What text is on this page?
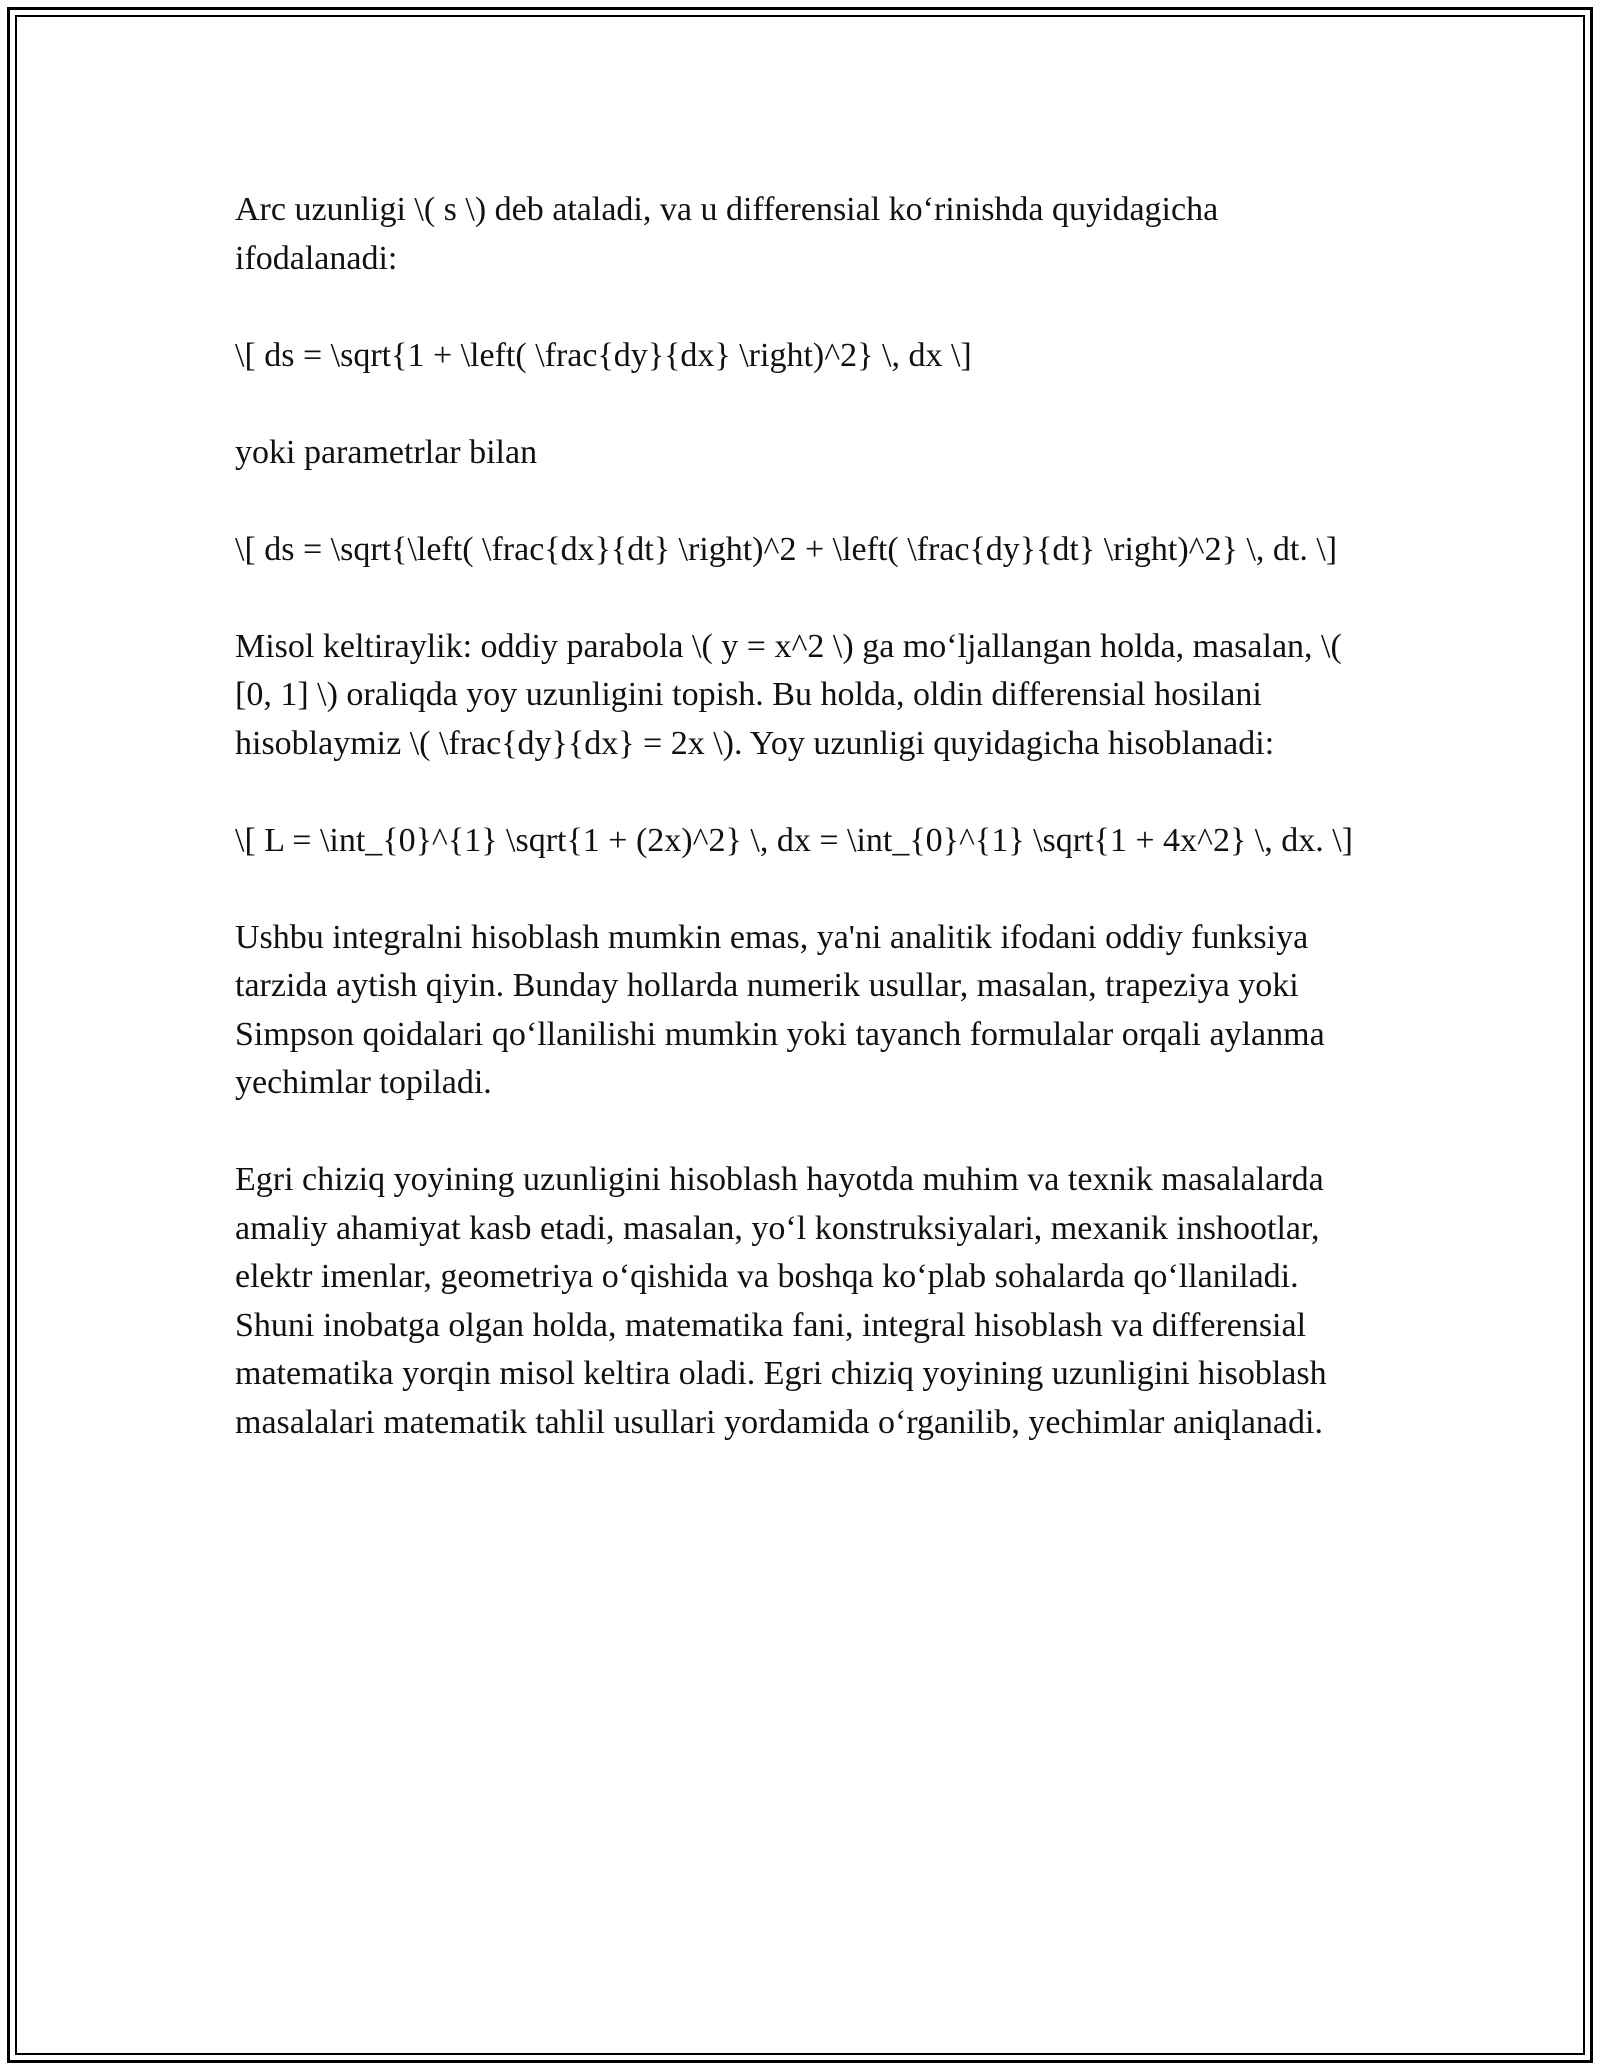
Arc uzunligi \( s \) deb ataladi, va u differensial ko‘rinishda quyidagicha ifodalanadi:

\[ ds = \sqrt{1 + \left( \frac{dy}{dx} \right)^2} \, dx \]

yoki parametrlar bilan

\[ ds = \sqrt{\left( \frac{dx}{dt} \right)^2 + \left( \frac{dy}{dt} \right)^2} \, dt. \]

Misol keltiraylik: oddiy parabola \( y = x^2 \) ga mo‘ljallangan holda, masalan, \( [0, 1] \) oraliqda yoy uzunligini topish. Bu holda, oldin differensial hosilani hisoblaymiz \( \frac{dy}{dx} = 2x \). Yoy uzunligi quyidagicha hisoblanadi:

\[ L = \int_{0}^{1} \sqrt{1 + (2x)^2} \, dx = \int_{0}^{1} \sqrt{1 + 4x^2} \, dx. \]

Ushbu integralni hisoblash mumkin emas, ya'ni analitik ifodani oddiy funksiya tarzida aytish qiyin. Bunday hollarda numerik usullar, masalan, trapeziya yoki Simpson qoidalari qo‘llanilishi mumkin yoki tayanch formulalar orqali aylanma yechimlar topiladi.

Egri chiziq yoyining uzunligini hisoblash hayotda muhim va texnik masalalarda amaliy ahamiyat kasb etadi, masalan, yo‘l konstruksiyalari, mexanik inshootlar, elektr imenlar, geometriya o‘qishida va boshqa ko‘plab sohalarda qo‘llaniladi. Shuni inobatga olgan holda, matematika fani, integral hisoblash va differensial matematika yorqin misol keltira oladi. Egri chiziq yoyining uzunligini hisoblash masalalari matematik tahlil usullari yordamida o‘rganilib, yechimlar aniqlanadi.
